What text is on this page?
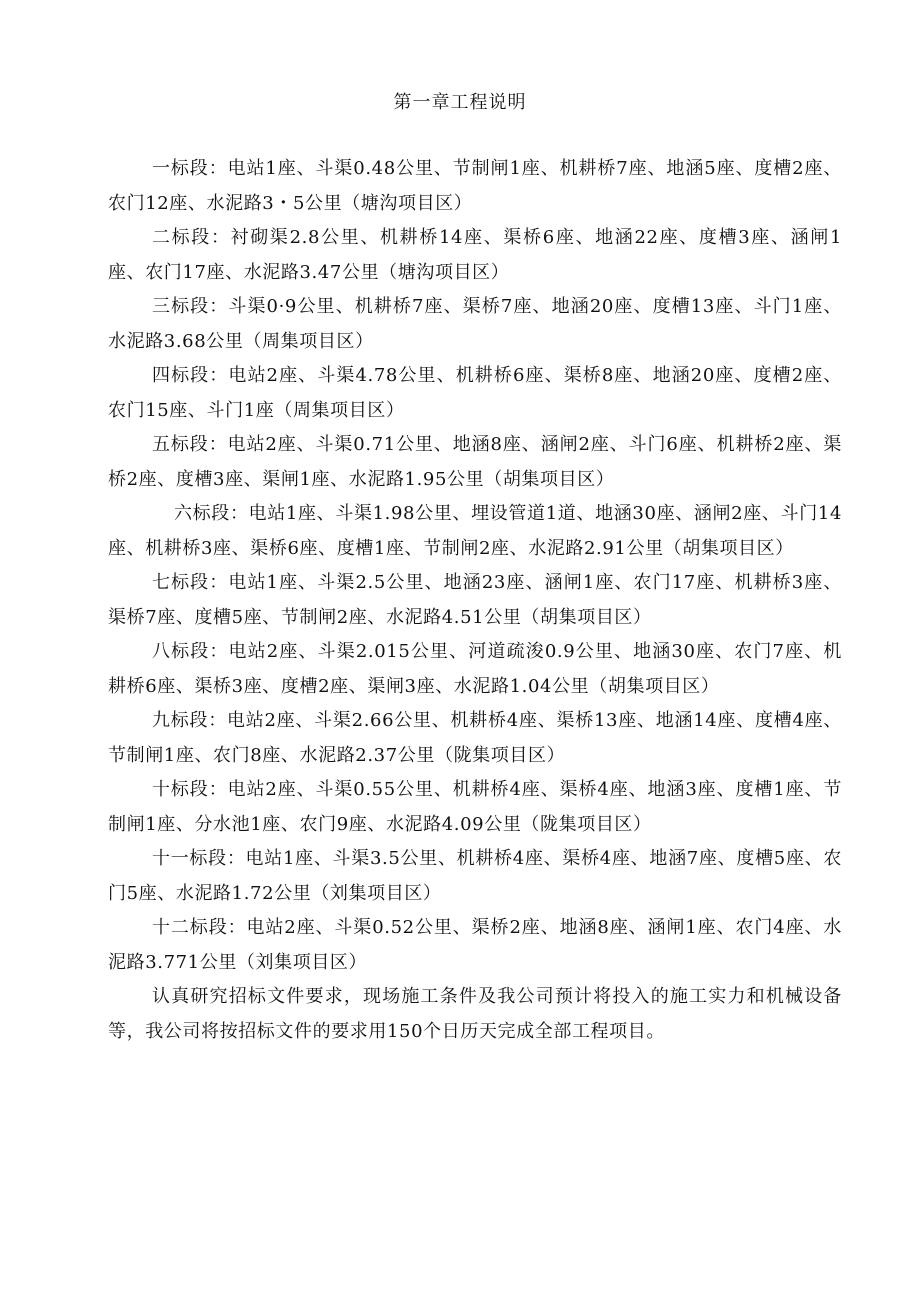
第一章工程说明

一标段：电站1座、斗渠0.48公里、节制闸1座、机耕桥7座、地涵5座、度槽2座、农门12座、水泥路3・5公里（塘沟项目区）

二标段：衬砌渠2.8公里、机耕桥14座、渠桥6座、地涵22座、度槽3座、涵闸1座、农门17座、水泥路3.47公里（塘沟项目区）

三标段：斗渠0·9公里、机耕桥7座、渠桥7座、地涵20座、度槽13座、斗门1座、水泥路3.68公里（周集项目区）

四标段：电站2座、斗渠4.78公里、机耕桥6座、渠桥8座、地涵20座、度槽2座、农门15座、斗门1座（周集项目区）

五标段：电站2座、斗渠0.71公里、地涵8座、涵闸2座、斗门6座、机耕桥2座、渠桥2座、度槽3座、渠闸1座、水泥路1.95公里（胡集项目区）

六标段：电站1座、斗渠1.98公里、埋设管道1道、地涵30座、涵闸2座、斗门14座、机耕桥3座、渠桥6座、度槽1座、节制闸2座、水泥路2.91公里（胡集项目区）

七标段：电站1座、斗渠2.5公里、地涵23座、涵闸1座、农门17座、机耕桥3座、渠桥7座、度槽5座、节制闸2座、水泥路4.51公里（胡集项目区）

八标段：电站2座、斗渠2.015公里、河道疏浚0.9公里、地涵30座、农门7座、机耕桥6座、渠桥3座、度槽2座、渠闸3座、水泥路1.04公里（胡集项目区）

九标段：电站2座、斗渠2.66公里、机耕桥4座、渠桥13座、地涵14座、度槽4座、节制闸1座、农门8座、水泥路2.37公里（陇集项目区）

十标段：电站2座、斗渠0.55公里、机耕桥4座、渠桥4座、地涵3座、度槽1座、节制闸1座、分水池1座、农门9座、水泥路4.09公里（陇集项目区）

十一标段：电站1座、斗渠3.5公里、机耕桥4座、渠桥4座、地涵7座、度槽5座、农门5座、水泥路1.72公里（刘集项目区）

十二标段：电站2座、斗渠0.52公里、渠桥2座、地涵8座、涵闸1座、农门4座、水泥路3.771公里（刘集项目区）

认真研究招标文件要求，现场施工条件及我公司预计将投入的施工实力和机械设备等，我公司将按招标文件的要求用150个日历天完成全部工程项目。
